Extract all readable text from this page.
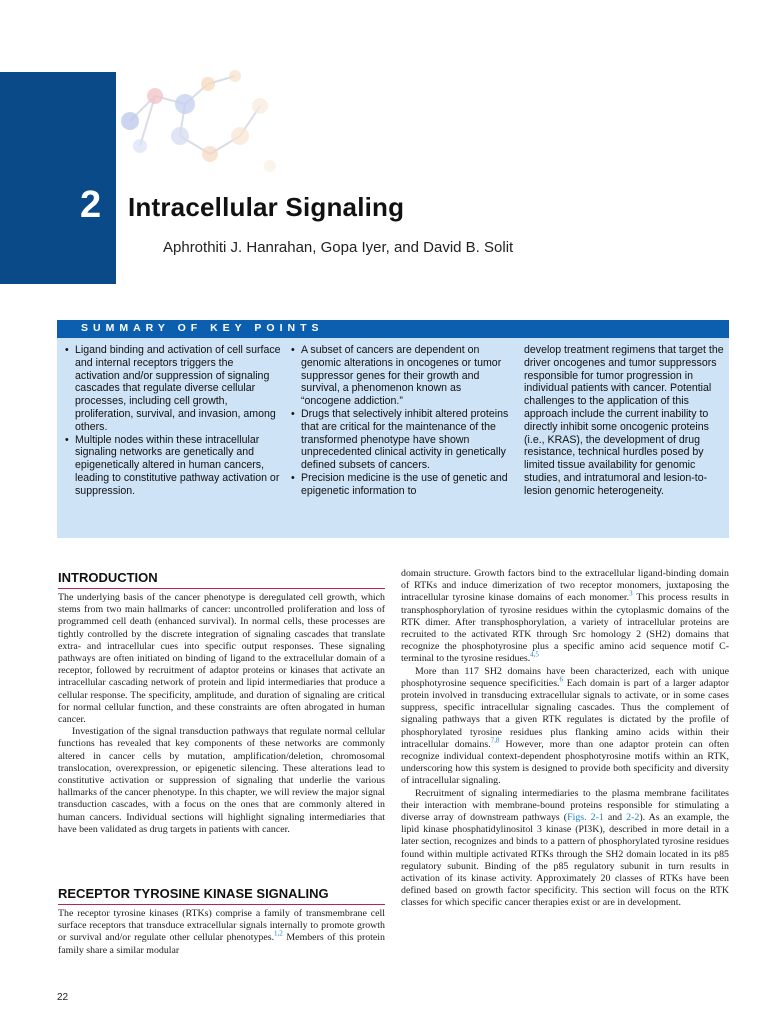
2 Intracellular Signaling
Aphrothiti J. Hanrahan, Gopa Iyer, and David B. Solit
SUMMARY OF KEY POINTS
• Ligand binding and activation of cell surface and internal receptors triggers the activation and/or suppression of signaling cascades that regulate diverse cellular processes, including cell growth, proliferation, survival, and invasion, among others.
• Multiple nodes within these intracellular signaling networks are genetically and epigenetically altered in human cancers, leading to constitutive pathway activation or suppression.
• A subset of cancers are dependent on genomic alterations in oncogenes or tumor suppressor genes for their growth and survival, a phenomenon known as “oncogene addiction.”
• Drugs that selectively inhibit altered proteins that are critical for the maintenance of the transformed phenotype have shown unprecedented clinical activity in genetically defined subsets of cancers.
• Precision medicine is the use of genetic and epigenetic information to

develop treatment regimens that target the driver oncogenes and tumor suppressors responsible for tumor progression in individual patients with cancer. Potential challenges to the application of this approach include the current inability to directly inhibit some oncogenic proteins (i.e., KRAS), the development of drug resistance, technical hurdles posed by limited tissue availability for genomic studies, and intratumoral and lesion-to-lesion genomic heterogeneity.

INTRODUCTION

The underlying basis of the cancer phenotype is deregulated cell growth, which stems from two main hallmarks of cancer: uncontrolled proliferation and loss of programmed cell death (enhanced survival). In normal cells, these processes are tightly controlled by the discrete integration of signaling cascades that translate extra- and intracellular cues into specific output responses. These signaling pathways are often initiated on binding of ligand to the extracellular domain of a receptor, followed by recruitment of adaptor proteins or kinases that activate an intracellular cascading network of protein and lipid intermediaries that produce a cellular response. The specificity, amplitude, and duration of signaling are critical for normal cellular function, and these constraints are often abrogated in human cancer.

Investigation of the signal transduction pathways that regulate normal cellular functions has revealed that key components of these networks are commonly altered in cancer cells by mutation, amplification/deletion, chromosomal translocation, overexpression, or epigenetic silencing. These alterations lead to constitutive activation or suppression of signaling that underlie the various hallmarks of the cancer phenotype. In this chapter, we will review the major signal transduction cascades, with a focus on the ones that are commonly altered in human cancers. Individual sections will highlight signaling intermediaries that have been validated as drug targets in patients with cancer.

RECEPTOR TYROSINE KINASE SIGNALING

The receptor tyrosine kinases (RTKs) comprise a family of transmembrane cell surface receptors that transduce extracellular signals internally to promote growth or survival and/or regulate other cellular phenotypes.$^{1,2}$ Members of this protein family share a similar modular

domain structure. Growth factors bind to the extracellular ligand-binding domain of RTKs and induce dimerization of two receptor monomers, juxtaposing the intracellular tyrosine kinase domains of each monomer.$^3$ This process results in transphosphorylation of tyrosine residues within the cytoplasmic domains of the RTK dimer. After transphosphorylation, a variety of intracellular proteins are recruited to the activated RTK through Src homology 2 (SH2) domains that recognize the phosphotyrosine plus a specific amino acid sequence motif C-terminal to the tyrosine residues.$^{4,5}$

More than 117 SH2 domains have been characterized, each with unique phosphotyrosine sequence specificities.$^6$ Each domain is part of a larger adaptor protein involved in transducing extracellular signals to activate, or in some cases suppress, specific intracellular signaling cascades. Thus the complement of signaling pathways that a given RTK regulates is dictated by the profile of phosphorylated tyrosine residues plus flanking amino acids within their intracellular domains.$^{7,8}$ However, more than one adaptor protein can often recognize individual context-dependent phosphotyrosine motifs within an RTK, underscoring how this system is designed to provide both specificity and diversity of intracellular signaling.

Recruitment of signaling intermediaries to the plasma membrane facilitates their interaction with membrane-bound proteins responsible for stimulating a diverse array of downstream pathways (Figs. 2-1 and 2-2). As an example, the lipid kinase phosphatidylinositol 3 kinase (PI3K), described in more detail in a later section, recognizes and binds to a pattern of phosphorylated tyrosine residues found within multiple activated RTKs through the SH2 domain located in its p85 regulatory subunit. Binding of the p85 regulatory subunit in turn results in activation of its kinase activity. Approximately 20 classes of RTKs have been defined based on growth factor specificity. This section will focus on the RTK classes for which specific cancer therapies exist or are in development.

22
